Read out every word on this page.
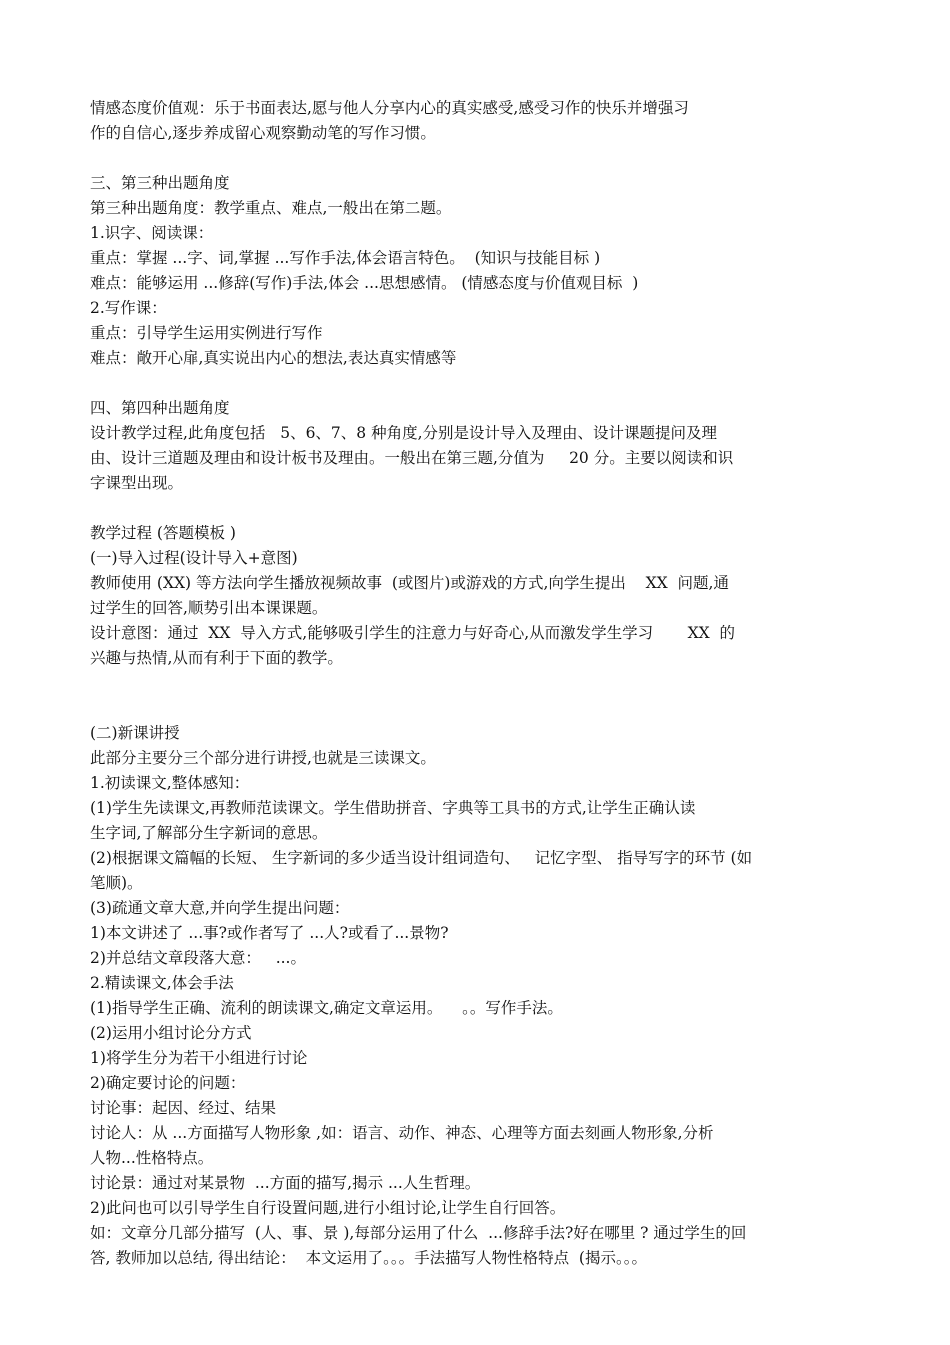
情感态度价值观：乐于书面表达,愿与他人分享内心的真实感受,感受习作的快乐并增强习
作的自信心,逐步养成留心观察勤动笔的写作习惯。
三、第三种出题角度
第三种出题角度：教学重点、难点,一般出在第二题。
1.识字、阅读课：
重点：掌握 ...字、词,掌握 ...写作手法,体会语言特色。  (知识与技能目标 )
难点：能够运用 ...修辞(写作)手法,体会 ...思想感情。 (情感态度与价值观目标  )
2.写作课：
重点：引导学生运用实例进行写作
难点：敞开心扉,真实说出内心的想法,表达真实情感等
四、第四种出题角度
设计教学过程,此角度包括   5、6、7、8 种角度,分别是设计导入及理由、设计课题提问及理
由、设计三道题及理由和设计板书及理由。一般出在第三题,分值为     20 分。主要以阅读和识
字课型出现。
教学过程 (答题模板 )
(一)导入过程(设计导入+意图)
教师使用 (XX) 等方法向学生播放视频故事  (或图片)或游戏的方式,向学生提出    XX  问题,通
过学生的回答,顺势引出本课课题。
设计意图：通过  XX  导入方式,能够吸引学生的注意力与好奇心,从而激发学生学习       XX  的
兴趣与热情,从而有利于下面的教学。
(二)新课讲授
此部分主要分三个部分进行讲授,也就是三读课文。
1.初读课文,整体感知：
(1)学生先读课文,再教师范读课文。学生借助拼音、字典等工具书的方式,让学生正确认读
生字词,了解部分生字新词的意思。
(2)根据课文篇幅的长短、 生字新词的多少适当设计组词造句、   记忆字型、 指导写字的环节 (如
笔顺)。
(3)疏通文章大意,并向学生提出问题：
1)本文讲述了 ...事?或作者写了 ...人?或看了...景物?
2)并总结文章段落大意：   ...。
2.精读课文,体会手法
(1)指导学生正确、流利的朗读课文,确定文章运用。    。。写作手法。
(2)运用小组讨论分方式
1)将学生分为若干小组进行讨论
2)确定要讨论的问题：
讨论事：起因、经过、结果
讨论人：从 ...方面描写人物形象 ,如：语言、动作、神态、心理等方面去刻画人物形象,分析
人物...性格特点。
讨论景：通过对某景物  ...方面的描写,揭示 ...人生哲理。
2)此问也可以引导学生自行设置问题,进行小组讨论,让学生自行回答。
如：文章分几部分描写  (人、事、景 ),每部分运用了什么  ...修辞手法?好在哪里 ? 通过学生的回
答, 教师加以总结, 得出结论：  本文运用了。。。手法描写人物性格特点  (揭示。。。
